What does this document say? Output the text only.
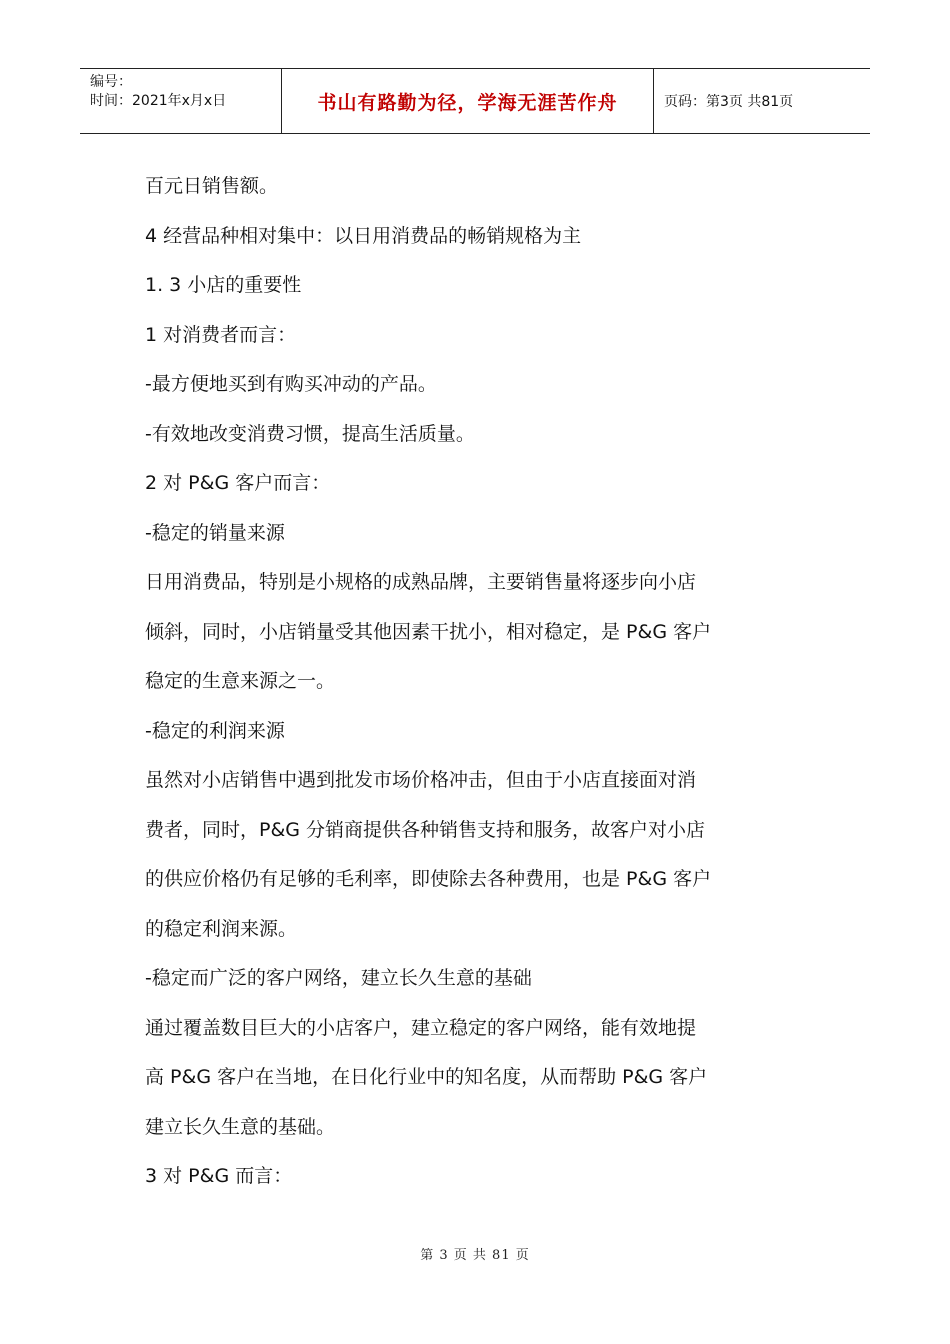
编号：
时间：2021年x月x日	书山有路勤为径，学海无涯苦作舟	页码：第3页 共81页

百元日销售额。

4 经营品种相对集中：以日用消费品的畅销规格为主

1. 3 小店的重要性

1 对消费者而言：

-最方便地买到有购买冲动的产品。

-有效地改变消费习惯，提高生活质量。

2 对 P&G 客户而言：

-稳定的销量来源

日用消费品，特别是小规格的成熟品牌，主要销售量将逐步向小店

倾斜，同时，小店销量受其他因素干扰小，相对稳定，是 P&G 客户

稳定的生意来源之一。

-稳定的利润来源

虽然对小店销售中遇到批发市场价格冲击，但由于小店直接面对消

费者，同时，P&G 分销商提供各种销售支持和服务，故客户对小店

的供应价格仍有足够的毛利率，即使除去各种费用，也是 P&G 客户

的稳定利润来源。

-稳定而广泛的客户网络，建立长久生意的基础

通过覆盖数目巨大的小店客户，建立稳定的客户网络，能有效地提

高 P&G 客户在当地，在日化行业中的知名度，从而帮助 P&G 客户

建立长久生意的基础。

3 对 P&G 而言：

第 3 页 共 81 页
